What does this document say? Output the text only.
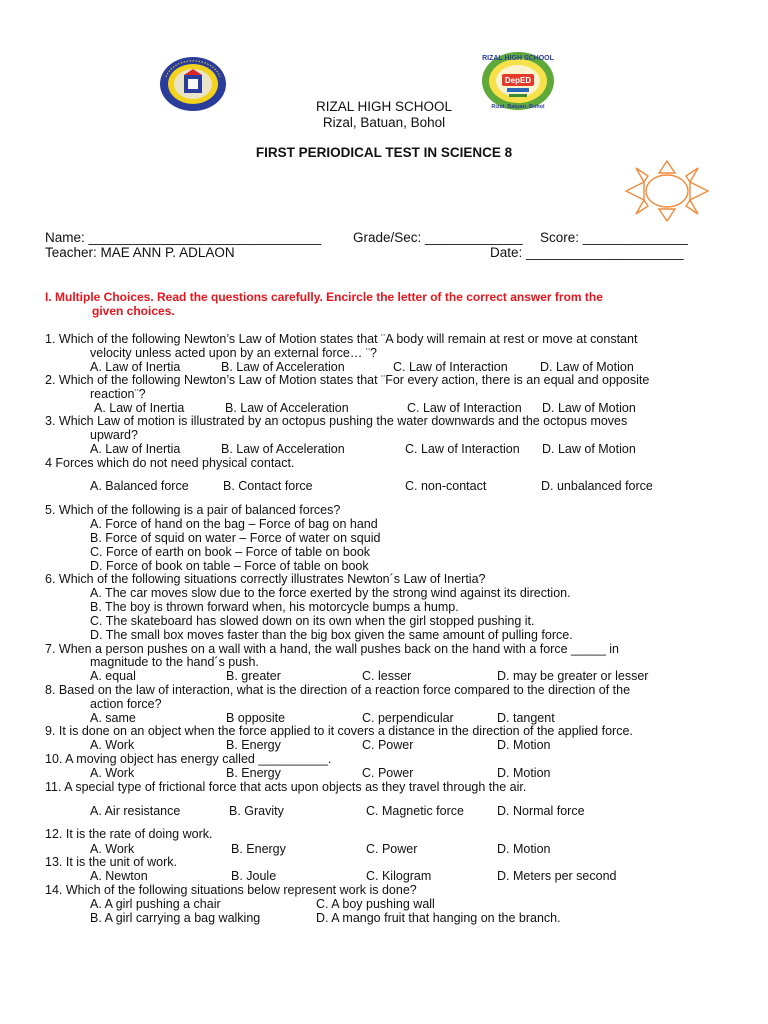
RIZAL HIGH SCHOOL
Rizal, Batuan, Bohol
DepED
RIZAL HIGH SCHOOL
Rizal, Batuan, Bohol
FIRST PERIODICAL TEST IN SCIENCE 8
Name: _______________________________ Grade/Sec: _____________ Score: ______________
Teacher: MAE ANN P. ADLAON	Date: _____________________
I. Multiple Choices. Read the questions carefully. Encircle the letter of the correct answer from the
given choices.
1. Which of the following Newton’s Law of Motion states that ¨A body will remain at rest or move at constant
velocity unless acted upon by an external force… ¨?
A. Law of Inertia	B. Law of Acceleration	C. Law of Interaction	D. Law of Motion
2. Which of the following Newton’s Law of Motion states that ¨For every action, there is an equal and opposite
reaction¨?
A. Law of Inertia	B. Law of Acceleration	C. Law of Interaction D. Law of Motion
3. Which Law of motion is illustrated by an octopus pushing the water downwards and the octopus moves
upward?
A. Law of Inertia	B. Law of Acceleration	C. Law of Interaction D. Law of Motion
4 Forces which do not need physical contact.
A. Balanced force	B. Contact force	C. non-contact	D. unbalanced force
5. Which of the following is a pair of balanced forces?
A. Force of hand on the bag – Force of bag on hand
B. Force of squid on water – Force of water on squid
C. Force of earth on book – Force of table on book
D. Force of book on table – Force of table on book
6. Which of the following situations correctly illustrates Newton´s Law of Inertia?
A. The car moves slow due to the force exerted by the strong wind against its direction.
B. The boy is thrown forward when, his motorcycle bumps a hump.
C. The skateboard has slowed down on its own when the girl stopped pushing it.
D. The small box moves faster than the big box given the same amount of pulling force.
7. When a person pushes on a wall with a hand, the wall pushes back on the hand with a force _____ in
magnitude to the hand´s push.
A. equal	B. greater	C. lesser	D. may be greater or lesser
8. Based on the law of interaction, what is the direction of a reaction force compared to the direction of the
action force?
A. same	B opposite	C. perpendicular	D. tangent
9. It is done on an object when the force applied to it covers a distance in the direction of the applied force.
A. Work	B. Energy	C. Power	D. Motion
10. A moving object has energy called __________.
A. Work	B. Energy	C. Power	D. Motion
11. A special type of frictional force that acts upon objects as they travel through the air.
A. Air resistance	B. Gravity	C. Magnetic force	D. Normal force
12. It is the rate of doing work.
A. Work	B. Energy	C. Power	D. Motion
13. It is the unit of work.
A. Newton	B. Joule	C. Kilogram	D. Meters per second
14. Which of the following situations below represent work is done?
A. A girl pushing a chair	C. A boy pushing wall
B. A girl carrying a bag walking	D. A mango fruit that hanging on the branch.
